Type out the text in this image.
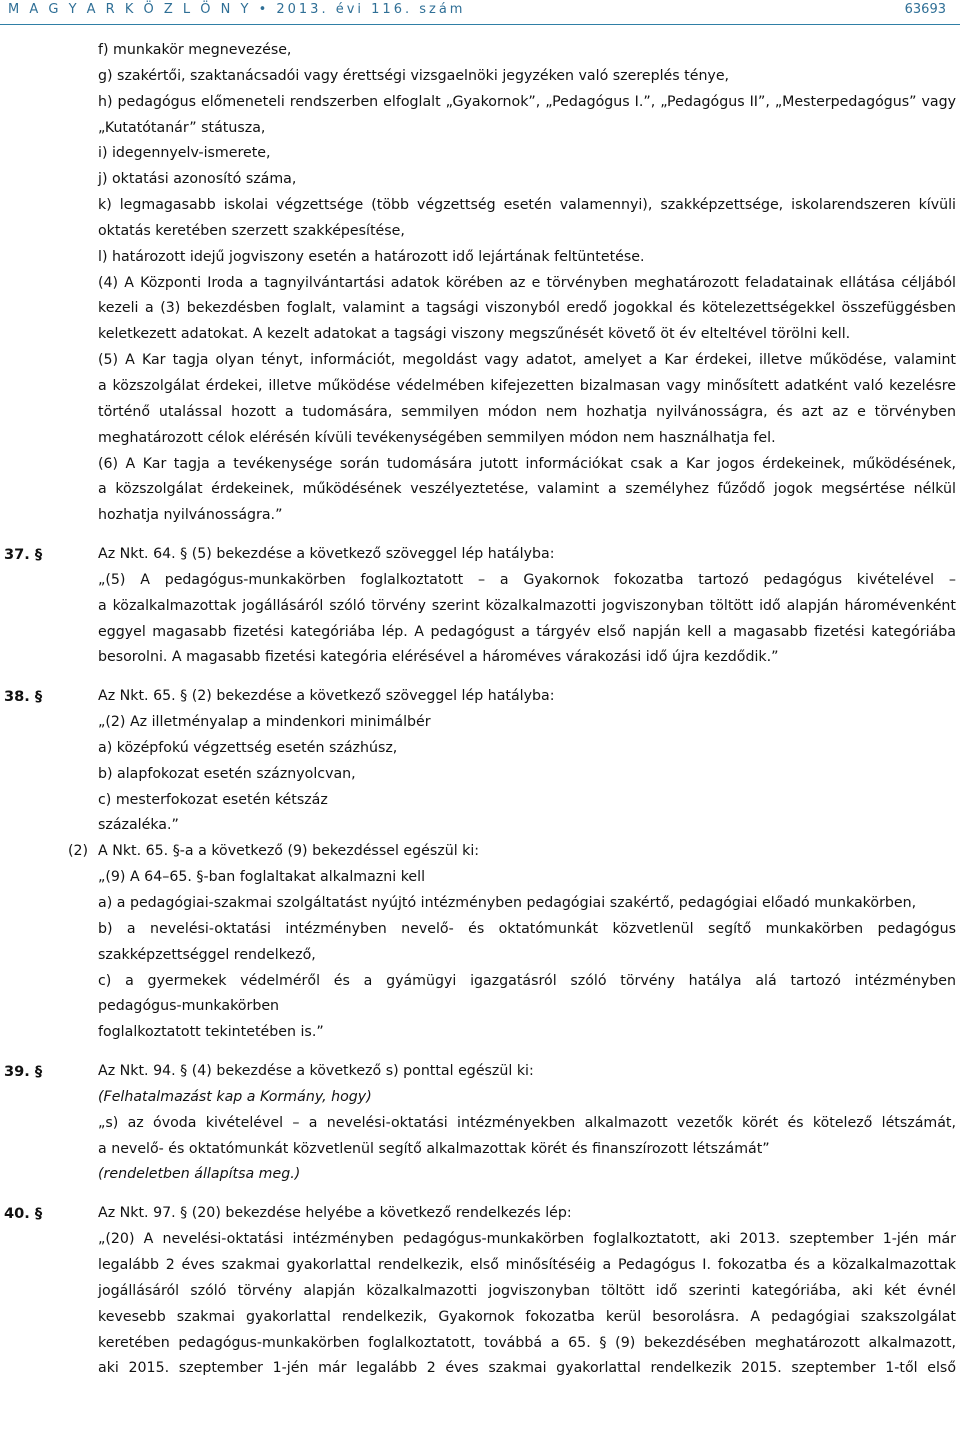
M A G Y A R K Ö Z L Ö N Y • 2013. évi 116. szám	63693
f) munkakör megnevezése,
g) szakértői, szaktanácsadói vagy érettségi vizsgaelnöki jegyzéken való szereplés ténye,
h) pedagógus előmeneteli rendszerben elfoglalt „Gyakornok”, „Pedagógus I.”, „Pedagógus II”, „Mesterpedagógus” vagy
„Kutatótanár” státusza,
i) idegennyelv-ismerete,
j) oktatási azonosító száma,
k) legmagasabb iskolai végzettsége (több végzettség esetén valamennyi), szakképzettsége, iskolarendszeren kívüli
oktatás keretében szerzett szakképesítése,
l) határozott idejű jogviszony esetén a határozott idő lejártának feltüntetése.
(4) A Központi Iroda a tagnyilvántartási adatok körében az e törvényben meghatározott feladatainak ellátása céljából
kezeli a (3) bekezdésben foglalt, valamint a tagsági viszonyból eredő jogokkal és kötelezettségekkel összefüggésben
keletkezett adatokat. A kezelt adatokat a tagsági viszony megszűnését követő öt év elteltével törölni kell.
(5) A Kar tagja olyan tényt, információt, megoldást vagy adatot, amelyet a Kar érdekei, illetve működése, valamint
a közszolgálat érdekei, illetve működése védelmében kifejezetten bizalmasan vagy minősített adatként való kezelésre
történő utalással hozott a tudomására, semmilyen módon nem hozhatja nyilvánosságra, és azt az e törvényben
meghatározott célok elérésén kívüli tevékenységében semmilyen módon nem használhatja fel.
(6) A Kar tagja a tevékenysége során tudomására jutott információkat csak a Kar jogos érdekeinek, működésének,
a közszolgálat érdekeinek, működésének veszélyeztetése, valamint a személyhez fűződő jogok megsértése nélkül
hozhatja nyilvánosságra.”
37. §	Az Nkt. 64. § (5) bekezdése a következő szöveggel lép hatályba:
„(5) A pedagógus-munkakörben foglalkoztatott – a Gyakornok fokozatba tartozó pedagógus kivételével –
a közalkalmazottak jogállásáról szóló törvény szerint közalkalmazotti jogviszonyban töltött idő alapján háromévenként
eggyel magasabb fizetési kategóriába lép. A pedagógust a tárgyév első napján kell a magasabb fizetési kategóriába
besorolni. A magasabb fizetési kategória elérésével a hároméves várakozási idő újra kezdődik.”
38. §	Az Nkt. 65. § (2) bekezdése a következő szöveggel lép hatályba:
„(2) Az illetményalap a mindenkori minimálbér
a) középfokú végzettség esetén százhúsz,
b) alapfokozat esetén száznyolcvan,
c) mesterfokozat esetén kétszáz
százaléka.”
(2) A Nkt. 65. §-a a következő (9) bekezdéssel egészül ki:
„(9) A 64–65. §-ban foglaltakat alkalmazni kell
a) a pedagógiai-szakmai szolgáltatást nyújtó intézményben pedagógiai szakértő, pedagógiai előadó munkakörben,
b) a nevelési-oktatási intézményben nevelő- és oktatómunkát közvetlenül segítő munkakörben pedagógus
szakképzettséggel rendelkező,
c) a gyermekek védelméről és a gyámügyi igazgatásról szóló törvény hatálya alá tartozó intézményben
pedagógus-munkakörben
foglalkoztatott tekintetében is.”
39. §	Az Nkt. 94. § (4) bekezdése a következő s) ponttal egészül ki:
(Felhatalmazást kap a Kormány, hogy)
„s) az óvoda kivételével – a nevelési-oktatási intézményekben alkalmazott vezetők körét és kötelező létszámát,
a nevelő- és oktatómunkát közvetlenül segítő alkalmazottak körét és finanszírozott létszámát”
(rendeletben állapítsa meg.)
40. §	Az Nkt. 97. § (20) bekezdése helyébe a következő rendelkezés lép:
„(20) A nevelési-oktatási intézményben pedagógus-munkakörben foglalkoztatott, aki 2013. szeptember 1-jén már
legalább 2 éves szakmai gyakorlattal rendelkezik, első minősítéséig a Pedagógus I. fokozatba és a közalkalmazottak
jogállásáról szóló törvény alapján közalkalmazotti jogviszonyban töltött idő szerinti kategóriába, aki két évnél
kevesebb szakmai gyakorlattal rendelkezik, Gyakornok fokozatba kerül besorolásra. A pedagógiai szakszolgálat
keretében pedagógus-munkakörben foglalkoztatott, továbbá a 65. § (9) bekezdésében meghatározott alkalmazott,
aki 2015. szeptember 1-jén már legalább 2 éves szakmai gyakorlattal rendelkezik 2015. szeptember 1-től első
